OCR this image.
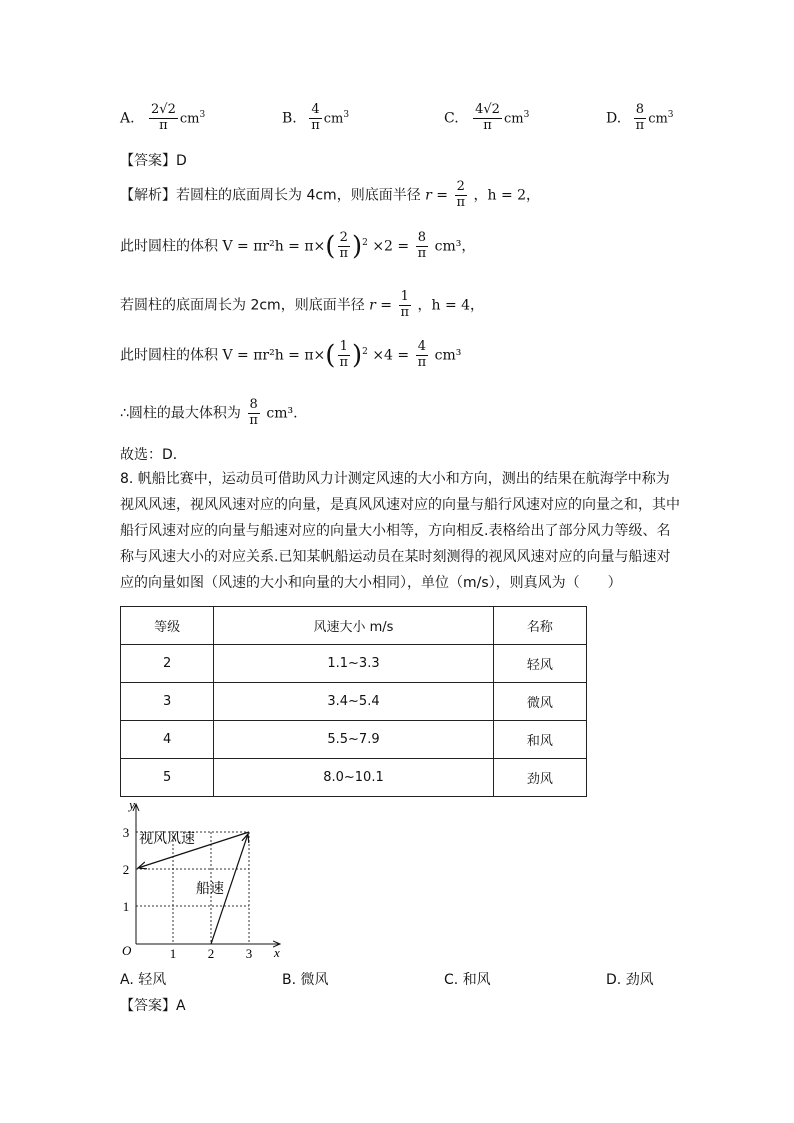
A. $\frac{2√2}{\pi} cm^3$	B. $\frac{4}{\pi} cm^3$	C. $\frac{4√2}{\pi} cm^3$	D. $\frac{8}{\pi} cm^3$
【答案】D
【解析】若圆柱的底面周长为 4cm，则底面半径 $r = \frac{2}{\pi}$ ，h = 2，
此时圆柱的体积 $V = \pi r^2h = \pi\times( \frac{2}{\pi} )^2 \times 2 = \frac{8}{\pi} cm^3$，
若圆柱的底面周长为 2cm，则底面半径 $r = \frac{1}{\pi}$ ，h = 4，
此时圆柱的体积 $V = \pi r^2h = \pi\times( \frac{1}{\pi} )^2 \times 4 = \frac{4}{\pi} cm^3$
∴圆柱的最大体积为 $\frac{8}{\pi} cm^3$.
故选：D．
8. 帆船比赛中，运动员可借助风力计测定风速的大小和方向，测出的结果在航海学中称为
视风风速，视风风速对应的向量，是真风风速对应的向量与船行风速对应的向量之和，其中
船行风速对应的向量与船速对应的向量大小相等，方向相反.表格给出了部分风力等级、名
称与风速大小的对应关系.已知某帆船运动员在某时刻测得的视风风速对应的向量与船速对
应的向量如图（风速的大小和向量的大小相同），单位（m/s），则真风为（　　）
等级	风速大小 m/s	名称
2	1.1~3.3	轻风
3	3.4~5.4	微风
4	5.5~7.9	和风
5	8.0~10.1	劲风
y
x
O	1 2 3
1
2
3 视风风速
船速
A. 轻风	B. 微风	C. 和风	D. 劲风
【答案】A
